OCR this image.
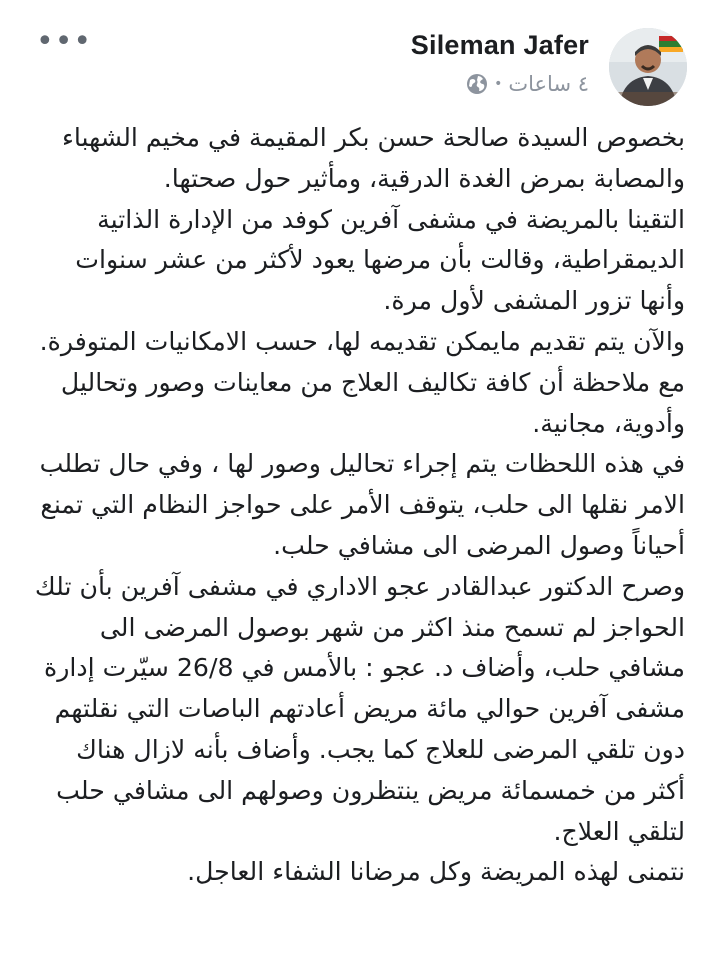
Sileman Jafer
٤ ساعات
•
•••

بخصوص السيدة صالحة حسن بكر المقيمة في مخيم الشهباء والمصابة بمرض الغدة الدرقية، ومأثير حول صحتها.

التقينا بالمريضة في مشفى آفرين كوفد من الإدارة الذاتية الديمقراطية، وقالت بأن مرضها يعود لأكثر من عشر سنوات وأنها تزور المشفى لأول مرة.

والآن يتم تقديم مايمكن تقديمه لها، حسب الامكانيات المتوفرة. مع ملاحظة أن كافة تكاليف العلاج من معاينات وصور وتحاليل وأدوية، مجانية.

في هذه اللحظات يتم إجراء تحاليل وصور لها ، وفي حال تطلب الامر نقلها الى حلب، يتوقف الأمر على حواجز النظام التي تمنع أحياناً وصول المرضى الى مشافي حلب.

وصرح الدكتور عبدالقادر عجو الاداري في مشفى آفرين بأن تلك الحواجز لم تسمح منذ اكثر من شهر بوصول المرضى الى مشافي حلب، وأضاف د. عجو : بالأمس في 26/8 سيّرت إدارة مشفى آفرين حوالي مائة مريض أعادتهم الباصات التي نقلتهم دون تلقي المرضى للعلاج كما يجب. وأضاف بأنه لازال هناك أكثر من خمسمائة مريض ينتظرون وصولهم الى مشافي حلب لتلقي العلاج.

نتمنى لهذه المريضة وكل مرضانا الشفاء العاجل.
